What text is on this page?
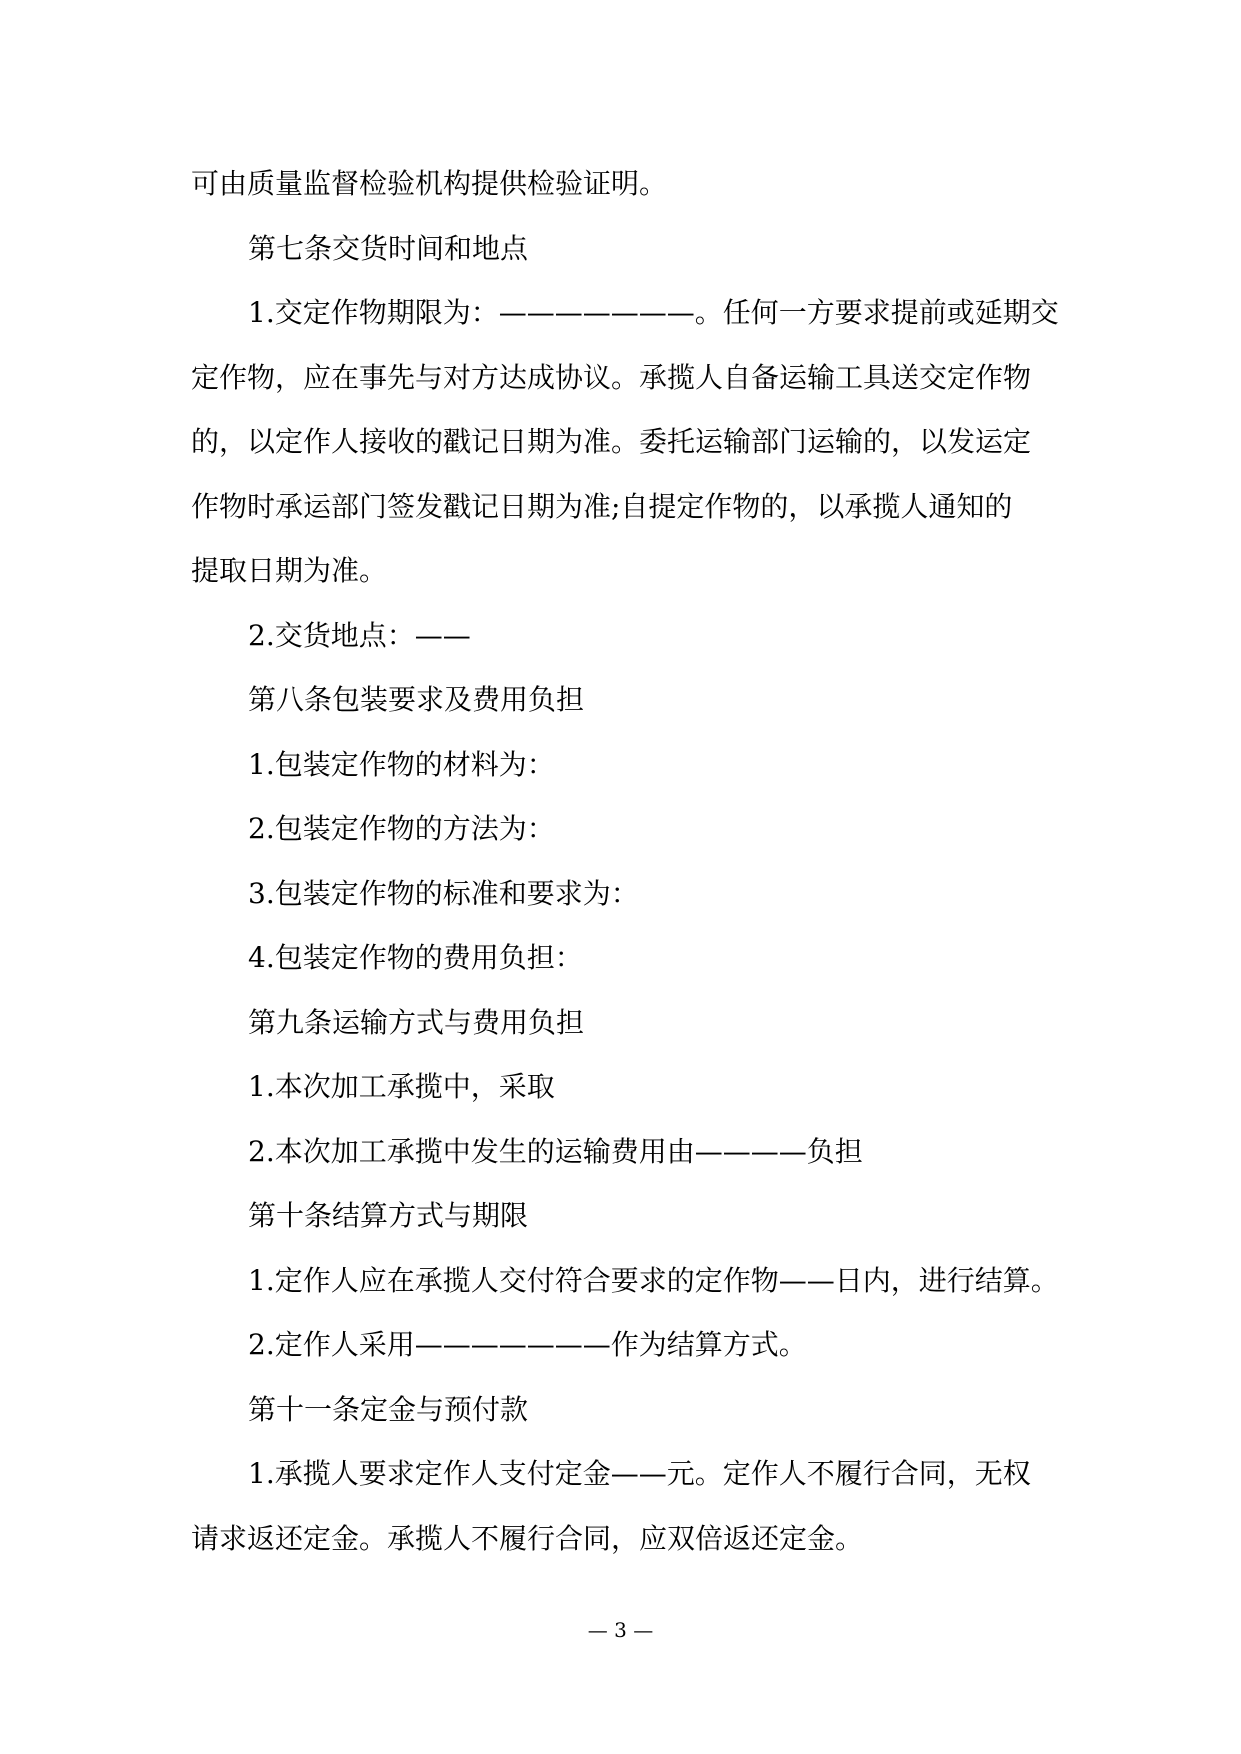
可由质量监督检验机构提供检验证明。
第七条交货时间和地点
1.交定作物期限为：———————。任何一方要求提前或延期交
定作物，应在事先与对方达成协议。承揽人自备运输工具送交定作物
的，以定作人接收的戳记日期为准。委托运输部门运输的，以发运定
作物时承运部门签发戳记日期为准;自提定作物的，以承揽人通知的
提取日期为准。
2.交货地点：——
第八条包装要求及费用负担
1.包装定作物的材料为：
2.包装定作物的方法为：
3.包装定作物的标准和要求为：
4.包装定作物的费用负担：
第九条运输方式与费用负担
1.本次加工承揽中，采取
2.本次加工承揽中发生的运输费用由————负担
第十条结算方式与期限
1.定作人应在承揽人交付符合要求的定作物——日内，进行结算。
2.定作人采用———————作为结算方式。
第十一条定金与预付款
1.承揽人要求定作人支付定金——元。定作人不履行合同，无权
请求返还定金。承揽人不履行合同，应双倍返还定金。
— 3 —
